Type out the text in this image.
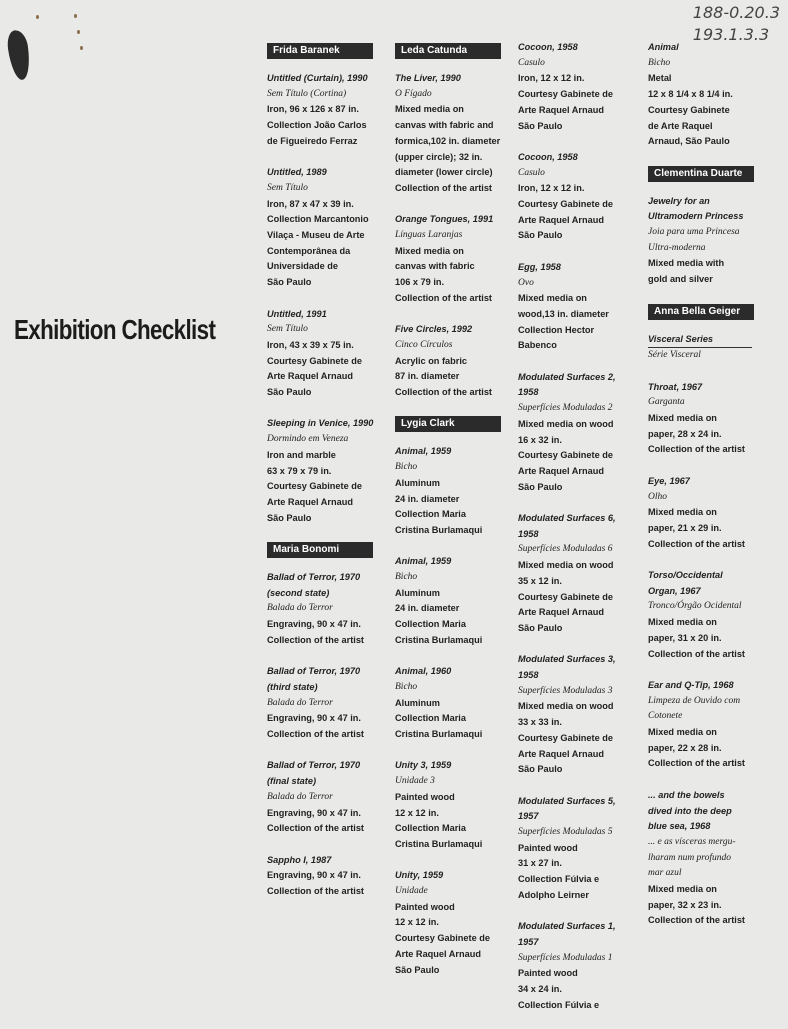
188-0.20.3
193.1.3.3
Exhibition Checklist
Frida Baranek
Untitled (Curtain), 1990
Sem Título (Cortina)
Iron, 96 x 126 x 87 in.
Collection João Carlos
de Figueiredo Ferraz
Untitled, 1989
Sem Título
Iron, 87 x 47 x 39 in.
Collection Marcantonio
Vilaça - Museu de Arte
Contemporânea da
Universidade de
São Paulo
Untitled, 1991
Sem Título
Iron, 43 x 39 x 75 in.
Courtesy Gabinete de
Arte Raquel Arnaud
São Paulo
Sleeping in Venice, 1990
Dormindo em Veneza
Iron and marble
63 x 79 x 79 in.
Courtesy Gabinete de
Arte Raquel Arnaud
São Paulo
Maria Bonomi
Ballad of Terror, 1970
(second state)
Balada do Terror
Engraving, 90 x 47 in.
Collection of the artist
Ballad of Terror, 1970
(third state)
Balada do Terror
Engraving, 90 x 47 in.
Collection of the artist
Ballad of Terror, 1970
(final state)
Balada do Terror
Engraving, 90 x 47 in.
Collection of the artist
Sappho I, 1987
Engraving, 90 x 47 in.
Collection of the artist
Leda Catunda
The Liver, 1990
O Fígado
Mixed media on
canvas with fabric and
formica,102 in. diameter
(upper circle); 32 in.
diameter (lower circle)
Collection of the artist
Orange Tongues, 1991
Línguas Laranjas
Mixed media on
canvas with fabric
106 x 79 in.
Collection of the artist
Five Circles, 1992
Cinco Círculos
Acrylic on fabric
87 in. diameter
Collection of the artist
Lygia Clark
Animal, 1959
Bicho
Aluminum
24 in. diameter
Collection Maria
Cristina Burlamaqui
Animal, 1959
Bicho
Aluminum
24 in. diameter
Collection Maria
Cristina Burlamaqui
Animal, 1960
Bicho
Aluminum
Collection Maria
Cristina Burlamaqui
Unity 3, 1959
Unidade 3
Painted wood
12 x 12 in.
Collection Maria
Cristina Burlamaqui
Unity, 1959
Unidade
Painted wood
12 x 12 in.
Courtesy Gabinete de
Arte Raquel Arnaud
São Paulo
Cocoon, 1958
Casulo
Iron, 12 x 12 in.
Courtesy Gabinete de
Arte Raquel Arnaud
São Paulo
Cocoon, 1958
Casulo
Iron, 12 x 12 in.
Courtesy Gabinete de
Arte Raquel Arnaud
São Paulo
Egg, 1958
Ovo
Mixed media on
wood,13 in. diameter
Collection Hector
Babenco
Modulated Surfaces 2,
1958
Superfícies Moduladas 2
Mixed media on wood
16 x 32 in.
Courtesy Gabinete de
Arte Raquel Arnaud
São Paulo
Modulated Surfaces 6,
1958
Superfícies Moduladas 6
Mixed media on wood
35 x 12 in.
Courtesy Gabinete de
Arte Raquel Arnaud
São Paulo
Modulated Surfaces 3,
1958
Superfícies Moduladas 3
Mixed media on wood
33 x 33 in.
Courtesy Gabinete de
Arte Raquel Arnaud
São Paulo
Modulated Surfaces 5,
1957
Superfícies Moduladas 5
Painted wood
31 x 27 in.
Collection Fúlvia e
Adolpho Leirner
Modulated Surfaces 1,
1957
Superfícies Moduladas 1
Painted wood
34 x 24 in.
Collection Fúlvia e
Animal
Bicho
Metal
12 x 8 1/4 x 8 1/4 in.
Courtesy Gabinete
de Arte Raquel
Arnaud, São Paulo
Clementina Duarte
Jewelry for an
Ultramodern Princess
Joia para uma Princesa
Ultra-moderna
Mixed media with
gold and silver
Anna Bella Geiger
Visceral Series
Série Visceral
Throat, 1967
Garganta
Mixed media on
paper, 28 x 24 in.
Collection of the artist
Eye, 1967
Olho
Mixed media on
paper, 21 x 29 in.
Collection of the artist
Torso/Occidental
Organ, 1967
Tronco/Órgão Ocidental
Mixed media on
paper, 31 x 20 in.
Collection of the artist
Ear and Q-Tip, 1968
Limpeza de Ouvido com
Cotonete
Mixed media on
paper, 22 x 28 in.
Collection of the artist
... and the bowels
dived into the deep
blue sea, 1968
... e as vísceras mergu-
lharam num profundo
mar azul
Mixed media on
paper, 32 x 23 in.
Collection of the artist
